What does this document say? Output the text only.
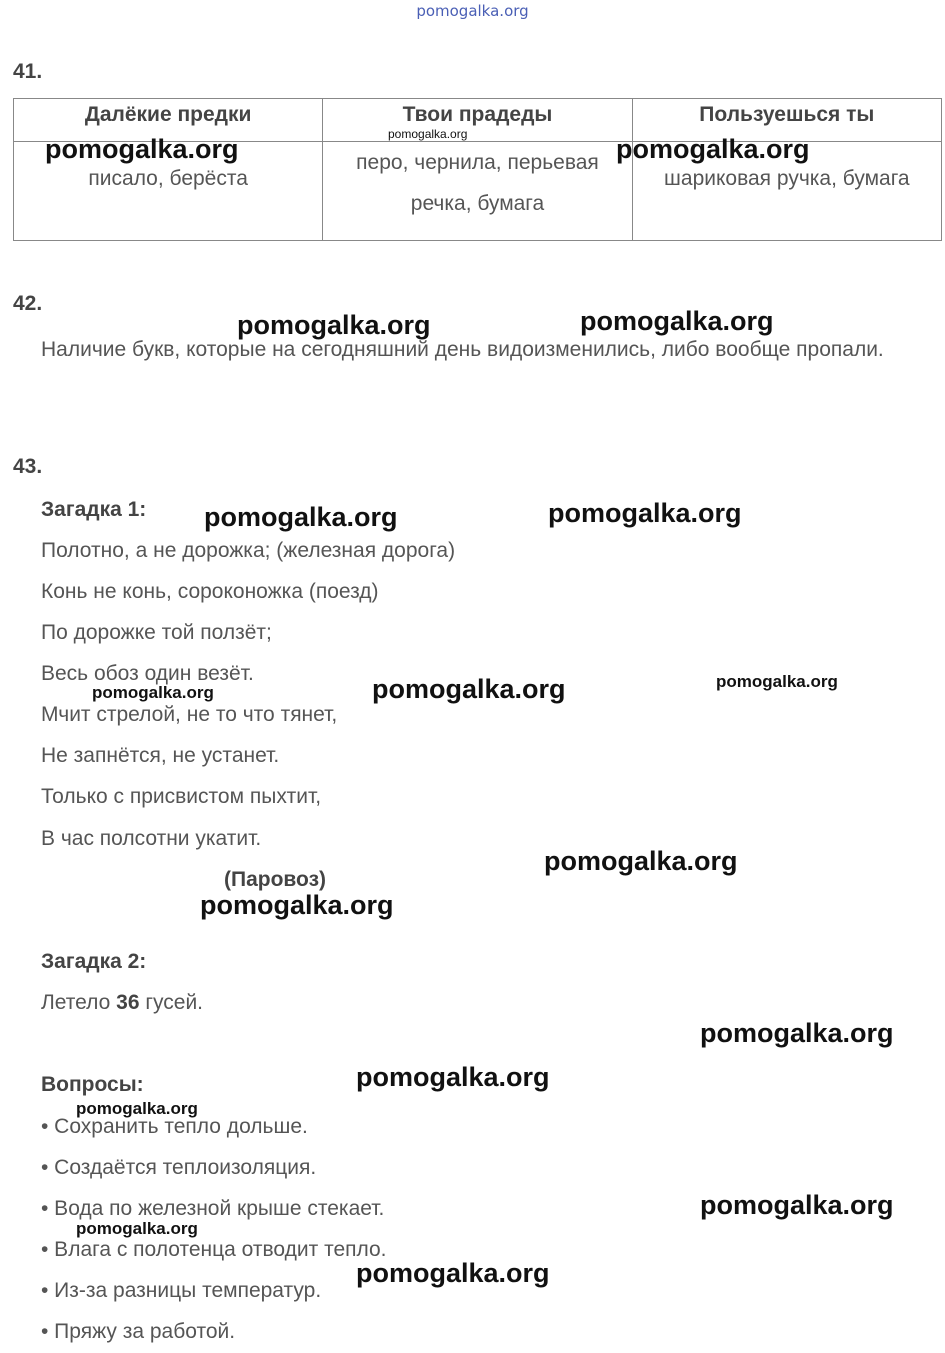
pomogalka.org
41.
Далёкие предки	Твои прадеды	Пользуешься ты
писало, берёста	перо, чернила, перьевая речка, бумага	шариковая ручка, бумага
42.
Наличие букв, которые на сегодняшний день видоизменились, либо вообще пропали.
43.
Загадка 1:
Полотно, а не дорожка; (железная дорога)
Конь не конь, сороконожка (поезд)
По дорожке той ползёт;
Весь обоз один везёт.
Мчит стрелой, не то что тянет,
Не запнётся, не устанет.
Только с присвистом пыхтит,
В час полсотни укатит.
(Паровоз)
Загадка 2:
Летело 36 гусей.
Вопросы:
• Сохранить тепло дольше.
• Создаётся теплоизоляция.
• Вода по железной крыше стекает.
• Влага с полотенца отводит тепло.
• Из-за разницы температур.
• Пряжу за работой.
pomogalka.org
pomogalka.org	pomogalka.org
pomogalka.org	pomogalka.org
pomogalka.org	pomogalka.org
pomogalka.org	pomogalka.org	pomogalka.org
pomogalka.org
pomogalka.org
pomogalka.org
pomogalka.org
pomogalka.org
pomogalka.org
pomogalka.org
pomogalka.org
